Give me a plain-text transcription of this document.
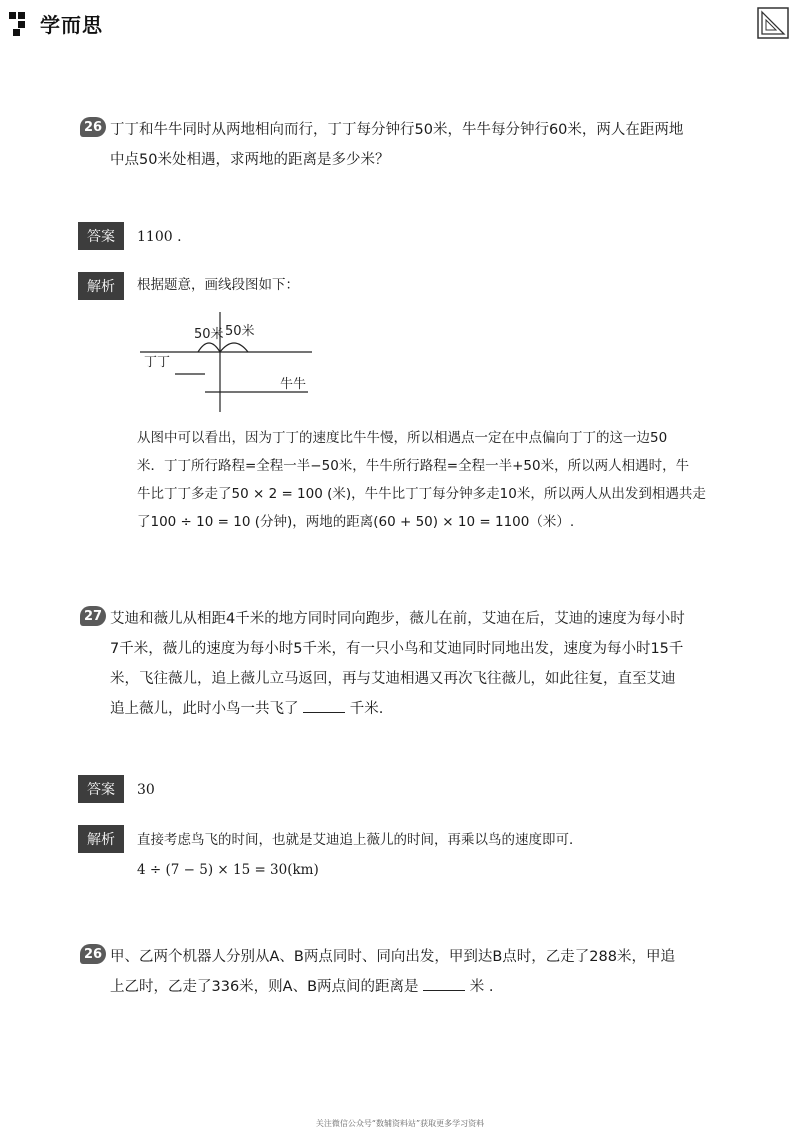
学而思
26 丁丁和牛牛同时从两地相向而行，丁丁每分钟行50米，牛牛每分钟行60米，两人在距两地
中点50米处相遇，求两地的距离是多少米？
答案	1100 .
解析	根据题意，画线段图如下：
50米 50米
丁丁
牛牛
从图中可以看出，因为丁丁的速度比牛牛慢，所以相遇点一定在中点偏向丁丁的这一边50
米．丁丁所行路程=全程一半−50米，牛牛所行路程=全程一半+50米，所以两人相遇时，牛
牛比丁丁多走了50 × 2 = 100 (米)，牛牛比丁丁每分钟多走10米，所以两人从出发到相遇共走
了100 ÷ 10 = 10 (分钟)，两地的距离(60 + 50) × 10 = 1100（米）.
27 艾迪和薇儿从相距4千米的地方同时同向跑步，薇儿在前，艾迪在后，艾迪的速度为每小时
7千米，薇儿的速度为每小时5千米，有一只小鸟和艾迪同时同地出发，速度为每小时15千
米，飞往薇儿，追上薇儿立马返回，再与艾迪相遇又再次飞往薇儿，如此往复，直至艾迪
追上薇儿，此时小鸟一共飞了	千米.
答案	30
解析	直接考虑鸟飞的时间，也就是艾迪追上薇儿的时间，再乘以鸟的速度即可．
4 ÷ (7 − 5) × 15 = 30(km)
26 甲、乙两个机器人分别从A、B两点同时、同向出发，甲到达B点时，乙走了288米，甲追
上乙时，乙走了336米，则A、B两点间的距离是	米 .
关注微信公众号“数辅资料站”获取更多学习资料
